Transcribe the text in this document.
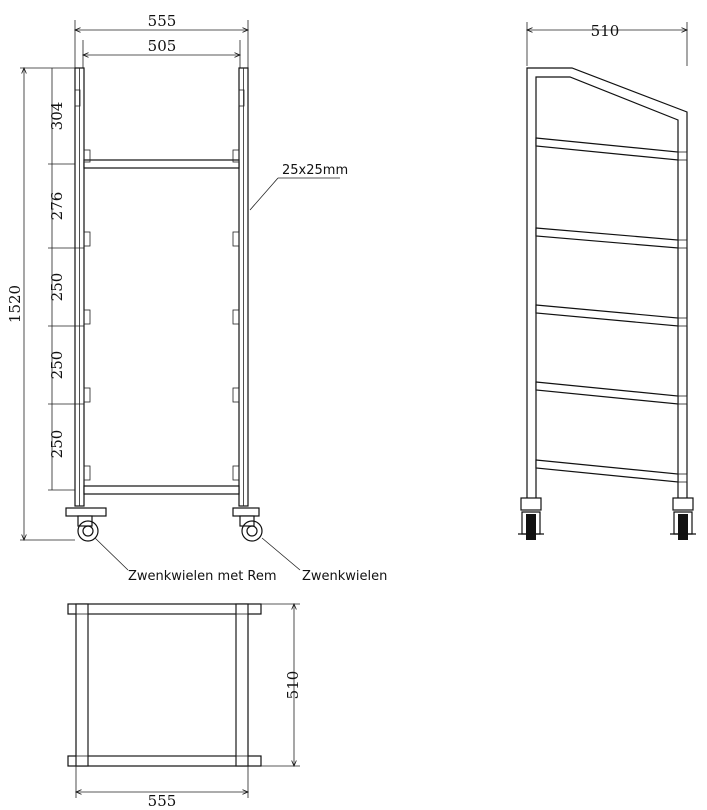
555
505
1520
304
276
250
250
250
25x25mm
Zwenkwielen met Rem Zwenkwielen
510
510
555
